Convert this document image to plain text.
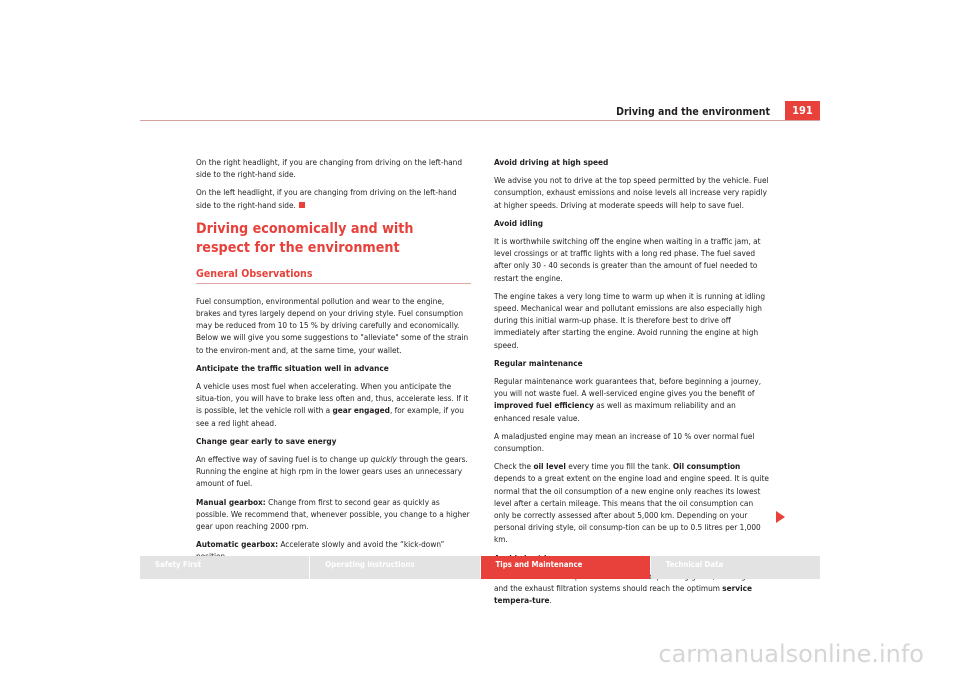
Driving and the environment	191

On the right headlight, if you are changing from driving on the left-hand side to the right-hand side.

On the left headlight, if you are changing from driving on the left-hand side to the right-hand side.

Driving economically and with respect for the environment
General Observations

Fuel consumption, environmental pollution and wear to the engine, brakes and tyres largely depend on your driving style. Fuel consumption may be reduced from 10 to 15 % by driving carefully and economically. Below we will give you some suggestions to "alleviate" some of the strain to the environ-ment and, at the same time, your wallet.

Anticipate the traffic situation well in advance

A vehicle uses most fuel when accelerating. When you anticipate the situa-tion, you will have to brake less often and, thus, accelerate less. If it is possible, let the vehicle roll with a gear engaged, for example, if you see a red light ahead.

Change gear early to save energy

An effective way of saving fuel is to change up quickly through the gears. Running the engine at high rpm in the lower gears uses an unnecessary amount of fuel.

Manual gearbox: Change from first to second gear as quickly as possible. We recommend that, whenever possible, you change to a higher gear upon reaching 2000 rpm.

Automatic gearbox: Accelerate slowly and avoid the “kick-down”

Avoid driving at high speed

We advise you not to drive at the top speed permitted by the vehicle. Fuel consumption, exhaust emissions and noise levels all increase very rapidly at higher speeds. Driving at moderate speeds will help to save fuel.

Avoid idling

It is worthwhile switching off the engine when waiting in a traffic jam, at level crossings or at traffic lights with a long red phase. The fuel saved after only 30 - 40 seconds is greater than the amount of fuel needed to restart the engine.

The engine takes a very long time to warm up when it is running at idling speed. Mechanical wear and pollutant emissions are also especially high during this initial warm-up phase. It is therefore best to drive off immediately after starting the engine. Avoid running the engine at high speed.

Regular maintenance

Regular maintenance work guarantees that, before beginning a journey, you will not waste fuel. A well-serviced engine gives you the benefit of improved fuel efficiency as well as maximum reliability and an enhanced resale value.

A maladjusted engine may mean an increase of 10 % over normal fuel consumption.

Check the oil level every time you fill the tank. Oil consumption depends to a great extent on the engine load and engine speed. It is quite normal that the oil consumption of a new engine only reaches its lowest level after a certain mileage. This means that the oil consumption can only be correctly assessed after about 5,000 km. Depending on your personal driving style, oil consump-tion can be up to 0.5 litres per 1,000 km.

and the exhaust filtration systems should reach the optimum service tempera-ture.

Safety First	Operating instructions	Tips and Maintenance	Technical Data
carmanualsonline.info
